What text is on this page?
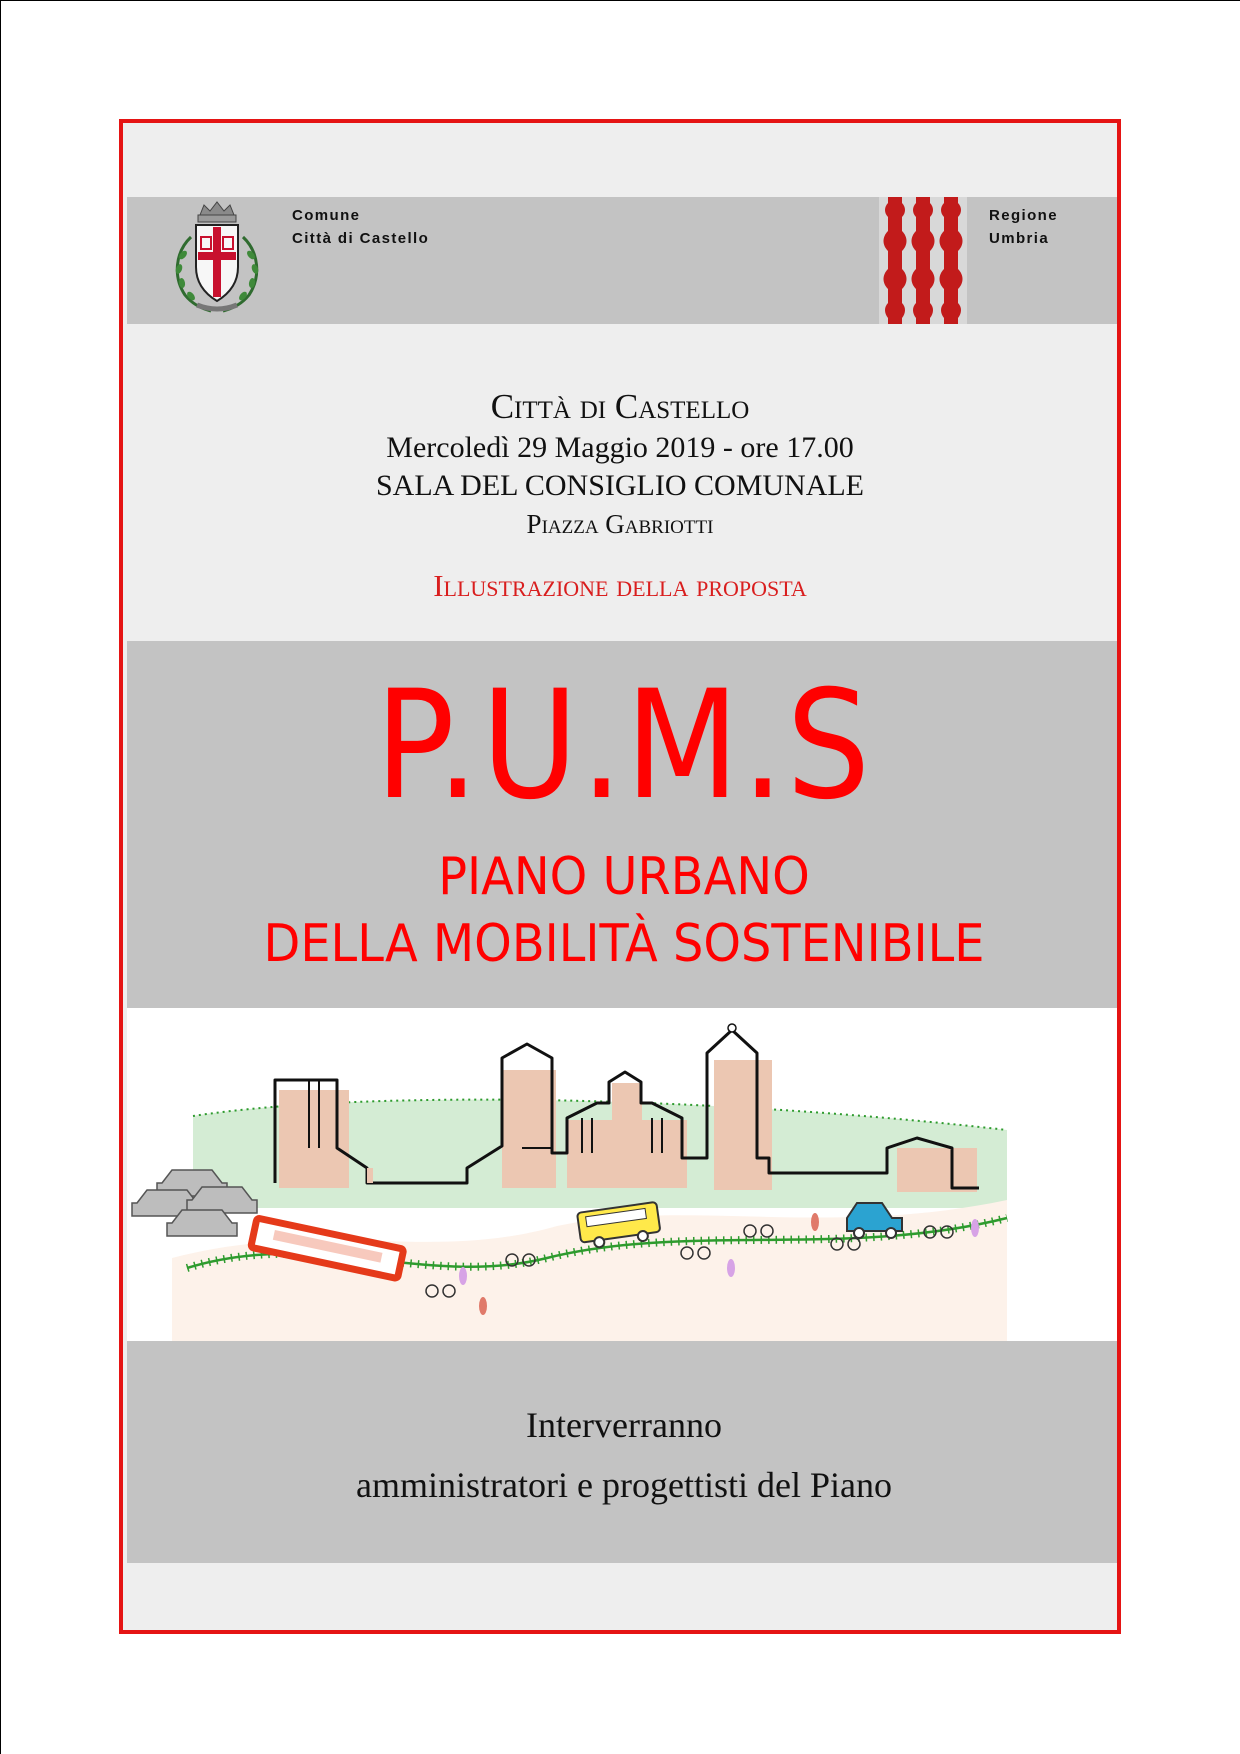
Comune
Città di Castello
Regione
Umbria
Città di Castello
Mercoledì 29 Maggio 2019 - ore 17.00
SALA DEL CONSIGLIO COMUNALE
Piazza Gabriotti
Illustrazione della proposta
P.U.M.S
PIANO URBANO
DELLA MOBILITÀ SOSTENIBILE
Interverranno
amministratori e progettisti del Piano
